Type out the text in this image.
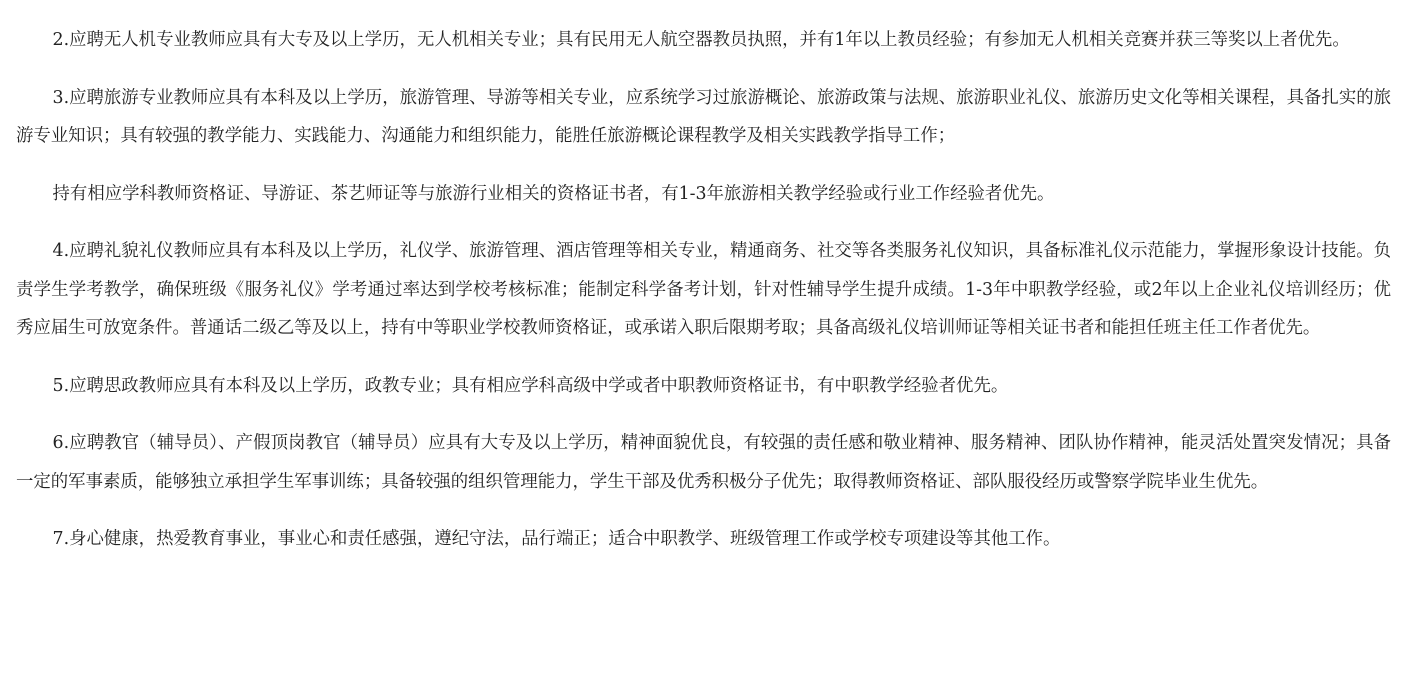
2.应聘无人机专业教师应具有大专及以上学历，无人机相关专业；具有民用无人航空器教员执照，并有1年以上教员经验；有参加无人机相关竞赛并获三等奖以上者优先。

3.应聘旅游专业教师应具有本科及以上学历，旅游管理、导游等相关专业，应系统学习过旅游概论、旅游政策与法规、旅游职业礼仪、旅游历史文化等相关课程，具备扎实的旅游专业知识；具有较强的教学能力、实践能力、沟通能力和组织能力，能胜任旅游概论课程教学及相关实践教学指导工作；

持有相应学科教师资格证、导游证、茶艺师证等与旅游行业相关的资格证书者，有1-3年旅游相关教学经验或行业工作经验者优先。

4.应聘礼貌礼仪教师应具有本科及以上学历，礼仪学、旅游管理、酒店管理等相关专业，精通商务、社交等各类服务礼仪知识，具备标准礼仪示范能力，掌握形象设计技能。负责学生学考教学，确保班级《服务礼仪》学考通过率达到学校考核标准；能制定科学备考计划，针对性辅导学生提升成绩。1-3年中职教学经验，或2年以上企业礼仪培训经历；优秀应届生可放宽条件。普通话二级乙等及以上，持有中等职业学校教师资格证，或承诺入职后限期考取；具备高级礼仪培训师证等相关证书者和能担任班主任工作者优先。

5.应聘思政教师应具有本科及以上学历，政教专业；具有相应学科高级中学或者中职教师资格证书，有中职教学经验者优先。

6.应聘教官（辅导员）、产假顶岗教官（辅导员）应具有大专及以上学历，精神面貌优良，有较强的责任感和敬业精神、服务精神、团队协作精神，能灵活处置突发情况；具备一定的军事素质，能够独立承担学生军事训练；具备较强的组织管理能力，学生干部及优秀积极分子优先；取得教师资格证、部队服役经历或警察学院毕业生优先。

7.身心健康，热爱教育事业，事业心和责任感强，遵纪守法，品行端正；适合中职教学、班级管理工作或学校专项建设等其他工作。
